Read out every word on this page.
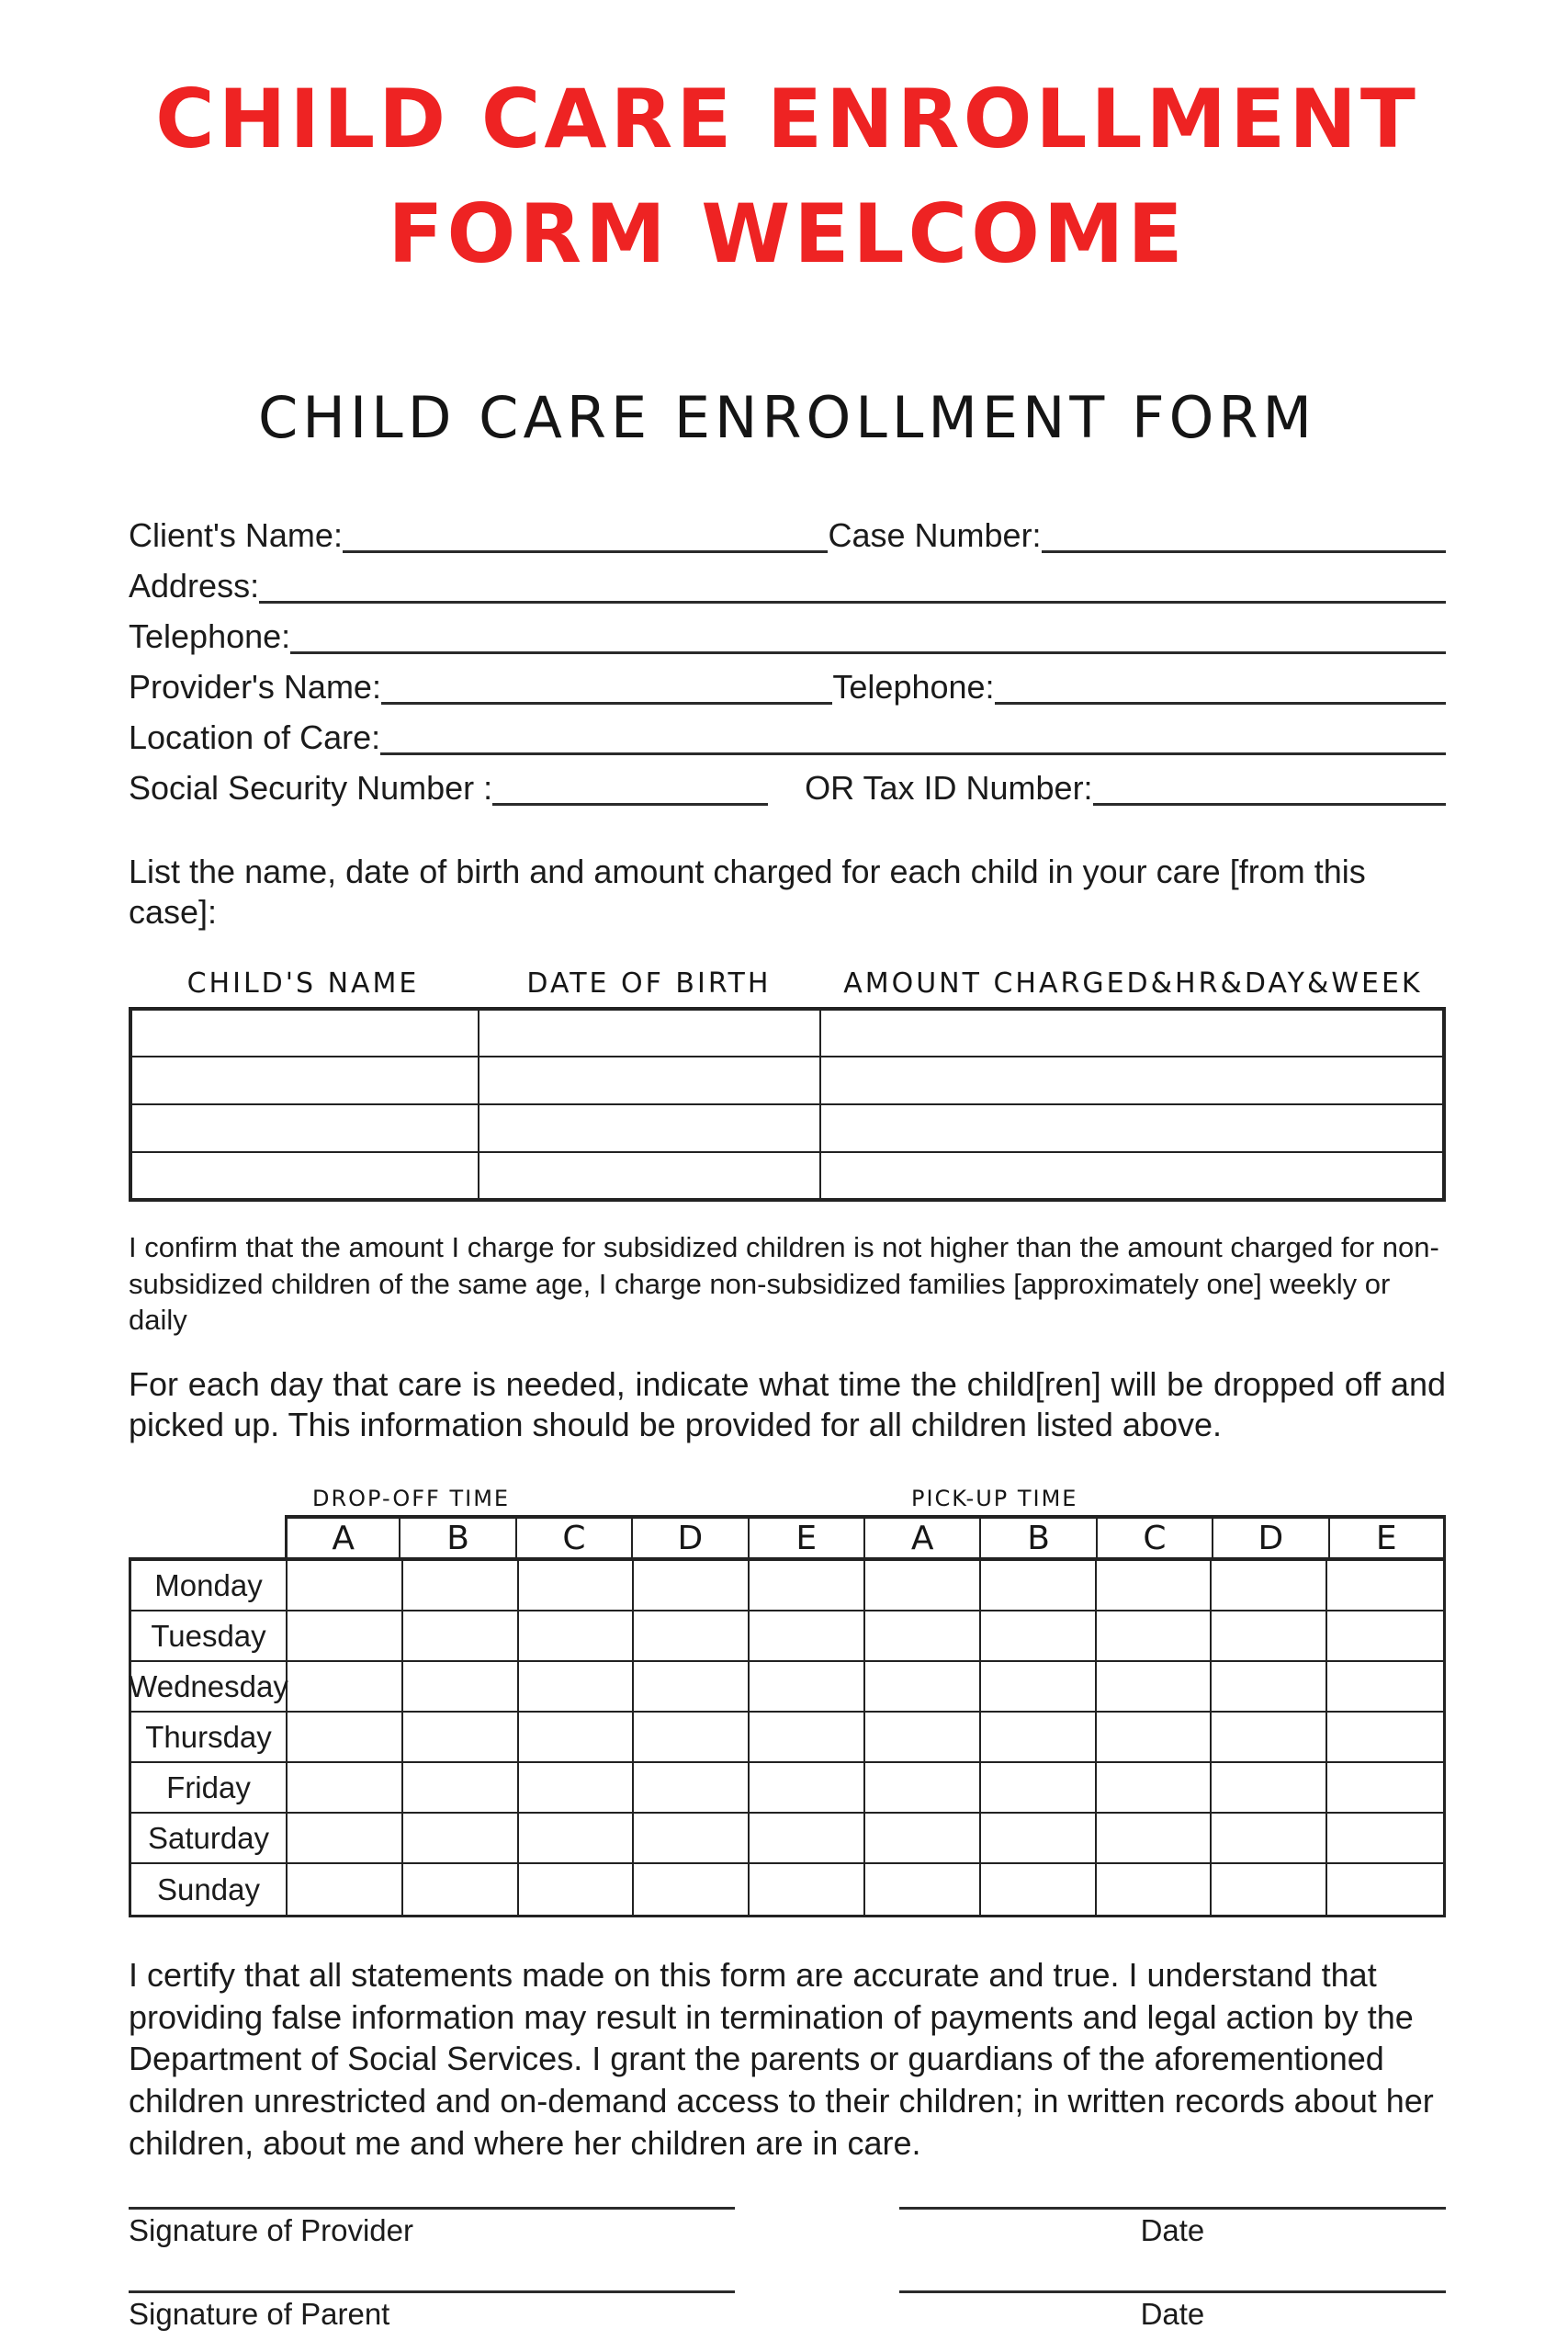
CHILD CARE ENROLLMENT
FORM WELCOME
CHILD CARE ENROLLMENT FORM
Client's Name:	Case Number:
Address:
Telephone:
Provider's Name:	Telephone:
Location of Care:
Social Security Number :	OR Tax ID Number:

List the name, date of birth and amount charged for each child in your care [from this case]:

CHILD'S NAME	DATE OF BIRTH	AMOUNT CHARGED&HR&DAY&WEEK

I confirm that the amount I charge for subsidized children is not higher than the amount charged for non-subsidized children of the same age, I charge non-subsidized families [approximately one] weekly or daily

For each day that care is needed, indicate what time the child[ren] will be dropped off and picked up. This information should be provided for all children listed above.

DROP-OFF TIME	PICK-UP TIME
A	B	C	D	E	A	B	C	D	E
Monday
Tuesday
Wednesday
Thursday
Friday
Saturday
Sunday

I certify that all statements made on this form are accurate and true. I understand that providing false information may result in termination of payments and legal action by the Department of Social Services. I grant the parents or guardians of the aforementioned children unrestricted and on-demand access to their children; in written records about her children, about me and where her children are in care.

Signature of Provider	Date
Signature of Parent	Date
